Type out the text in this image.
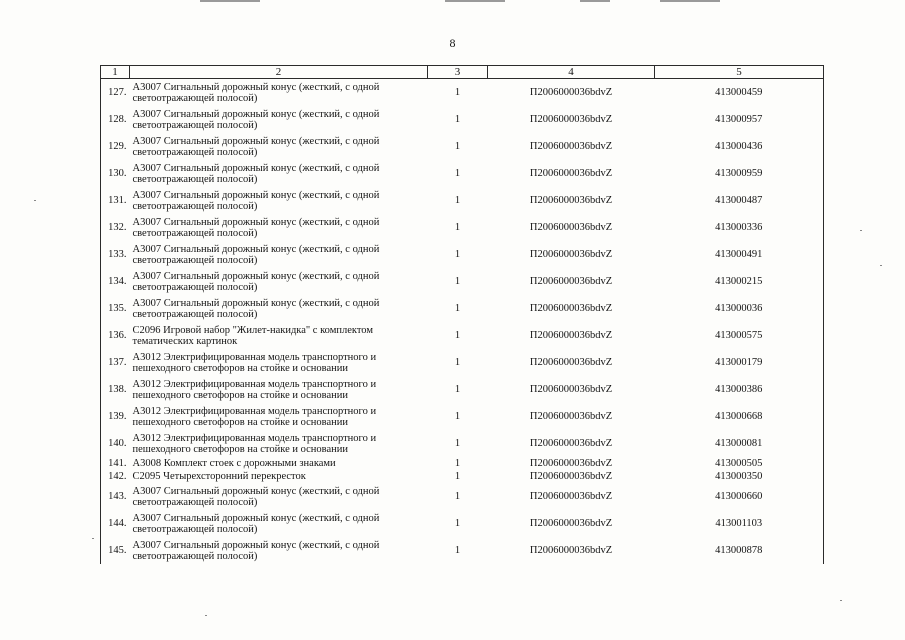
8
1	2	3	4	5
127.	A3007 Сигнальный дорожный конус (жесткий, с одной светоотражающей полосой)	1	П2006000036bdvZ	413000459
128.	A3007 Сигнальный дорожный конус (жесткий, с одной светоотражающей полосой)	1	П2006000036bdvZ	413000957
129.	A3007 Сигнальный дорожный конус (жесткий, с одной светоотражающей полосой)	1	П2006000036bdvZ	413000436
130.	A3007 Сигнальный дорожный конус (жесткий, с одной светоотражающей полосой)	1	П2006000036bdvZ	413000959
131.	A3007 Сигнальный дорожный конус (жесткий, с одной светоотражающей полосой)	1	П2006000036bdvZ	413000487
132.	A3007 Сигнальный дорожный конус (жесткий, с одной светоотражающей полосой)	1	П2006000036bdvZ	413000336
133.	A3007 Сигнальный дорожный конус (жесткий, с одной светоотражающей полосой)	1	П2006000036bdvZ	413000491
134.	A3007 Сигнальный дорожный конус (жесткий, с одной светоотражающей полосой)	1	П2006000036bdvZ	413000215
135.	A3007 Сигнальный дорожный конус (жесткий, с одной светоотражающей полосой)	1	П2006000036bdvZ	413000036
136.	C2096 Игровой набор "Жилет-накидка" с комплектом тематических картинок	1	П2006000036bdvZ	413000575
137.	A3012 Электрифицированная модель транспортного и пешеходного светофоров на стойке и основании	1	П2006000036bdvZ	413000179
138.	A3012 Электрифицированная модель транспортного и пешеходного светофоров на стойке и основании	1	П2006000036bdvZ	413000386
139.	A3012 Электрифицированная модель транспортного и пешеходного светофоров на стойке и основании	1	П2006000036bdvZ	413000668
140.	A3012 Электрифицированная модель транспортного и пешеходного светофоров на стойке и основании	1	П2006000036bdvZ	413000081
141.	A3008 Комплект стоек с дорожными знаками	1	П2006000036bdvZ	413000505
142.	C2095 Четырехсторонний перекресток	1	П2006000036bdvZ	413000350
143.	A3007 Сигнальный дорожный конус (жесткий, с одной светоотражающей полосой)	1	П2006000036bdvZ	413000660
144.	A3007 Сигнальный дорожный конус (жесткий, с одной светоотражающей полосой)	1	П2006000036bdvZ	413001103
145.	A3007 Сигнальный дорожный конус (жесткий, с одной светоотражающей полосой)	1	П2006000036bdvZ	413000878
